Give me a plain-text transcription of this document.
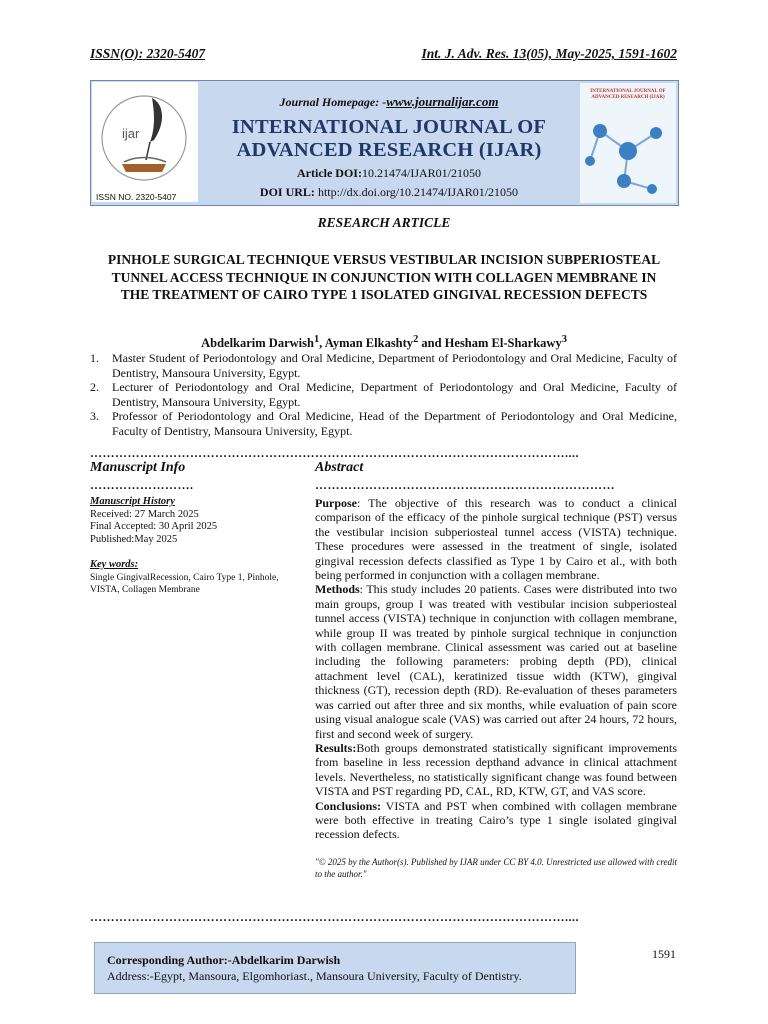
ISSN(O): 2320-5407	Int. J. Adv. Res. 13(05), May-2025, 1591-1602
ijar
ISSN NO. 2320-5407
INTERNATIONAL JOURNAL OF ADVANCED RESEARCH (IJAR)
Journal Homepage: -www.journalijar.com
INTERNATIONAL JOURNAL OF
ADVANCED RESEARCH (IJAR)
Article DOI:10.21474/IJAR01/21050
DOI URL: http://dx.doi.org/10.21474/IJAR01/21050
RESEARCH ARTICLE
PINHOLE SURGICAL TECHNIQUE VERSUS VESTIBULAR INCISION SUBPERIOSTEAL TUNNEL ACCESS TECHNIQUE IN CONJUNCTION WITH COLLAGEN MEMBRANE IN THE TREATMENT OF CAIRO TYPE 1 ISOLATED GINGIVAL RECESSION DEFECTS
Abdelkarim Darwish$^1$, Ayman Elkashty$^2$ and Hesham El-Sharkawy$^3$
1.	Master Student of Periodontology and Oral Medicine, Department of Periodontology and Oral Medicine, Faculty of Dentistry, Mansoura University, Egypt.
2.	Lecturer of Periodontology and Oral Medicine, Department of Periodontology and Oral Medicine, Faculty of Dentistry, Mansoura University, Egypt.
3.	Professor of Periodontology and Oral Medicine, Head of the Department of Periodontology and Oral Medicine, Faculty of Dentistry, Mansoura University, Egypt.
……………………………………………………………………………………………………....
Manuscript Info
…………………….
Manuscript History
Received: 27 March 2025
Final Accepted: 30 April 2025
Published:May 2025
Key words:
Single GingivalRecession, Cairo Type 1, Pinhole, VISTA, Collagen Membrane
Abstract
………………………………………………………………

Purpose: The objective of this research was to conduct a clinical comparison of the efficacy of the pinhole surgical technique (PST) versus the vestibular incision subperiosteal tunnel access (VISTA) technique. These procedures were assessed in the treatment of single, isolated gingival recession defects classified as Type 1 by Cairo et al., with both being performed in conjunction with a collagen membrane.

Methods: This study includes 20 patients. Cases were distributed into two main groups, group I was treated with vestibular incision subperiosteal tunnel access (VISTA) technique in conjunction with collagen membrane, while group II was treated by pinhole surgical technique in conjunction with collagen membrane. Clinical assessment was caried out at baseline including the following parameters: probing depth (PD), clinical attachment level (CAL), keratinized tissue width (KTW), gingival thickness (GT), recession depth (RD). Re-evaluation of theses parameters was carried out after three and six months, while evaluation of pain score using visual analogue scale (VAS) was carried out after 24 hours, 72 hours, first and second week of surgery.

Results:Both groups demonstrated statistically significant improvements from baseline in less recession depthand advance in clinical attachment levels. Nevertheless, no statistically significant change was found between VISTA and PST regarding PD, CAL, RD, KTW, GT, and VAS score.

Conclusions: VISTA and PST when combined with collagen membrane were both effective in treating Cairo’s type 1 single isolated gingival recession defects.

"© 2025 by the Author(s). Published by IJAR under CC BY 4.0. Unrestricted use allowed with credit to the author."
……………………………………………………………………………………………………....
Corresponding Author:-Abdelkarim Darwish
Address:-Egypt, Mansoura, Elgomhoriast., Mansoura University, Faculty of Dentistry.
1591
